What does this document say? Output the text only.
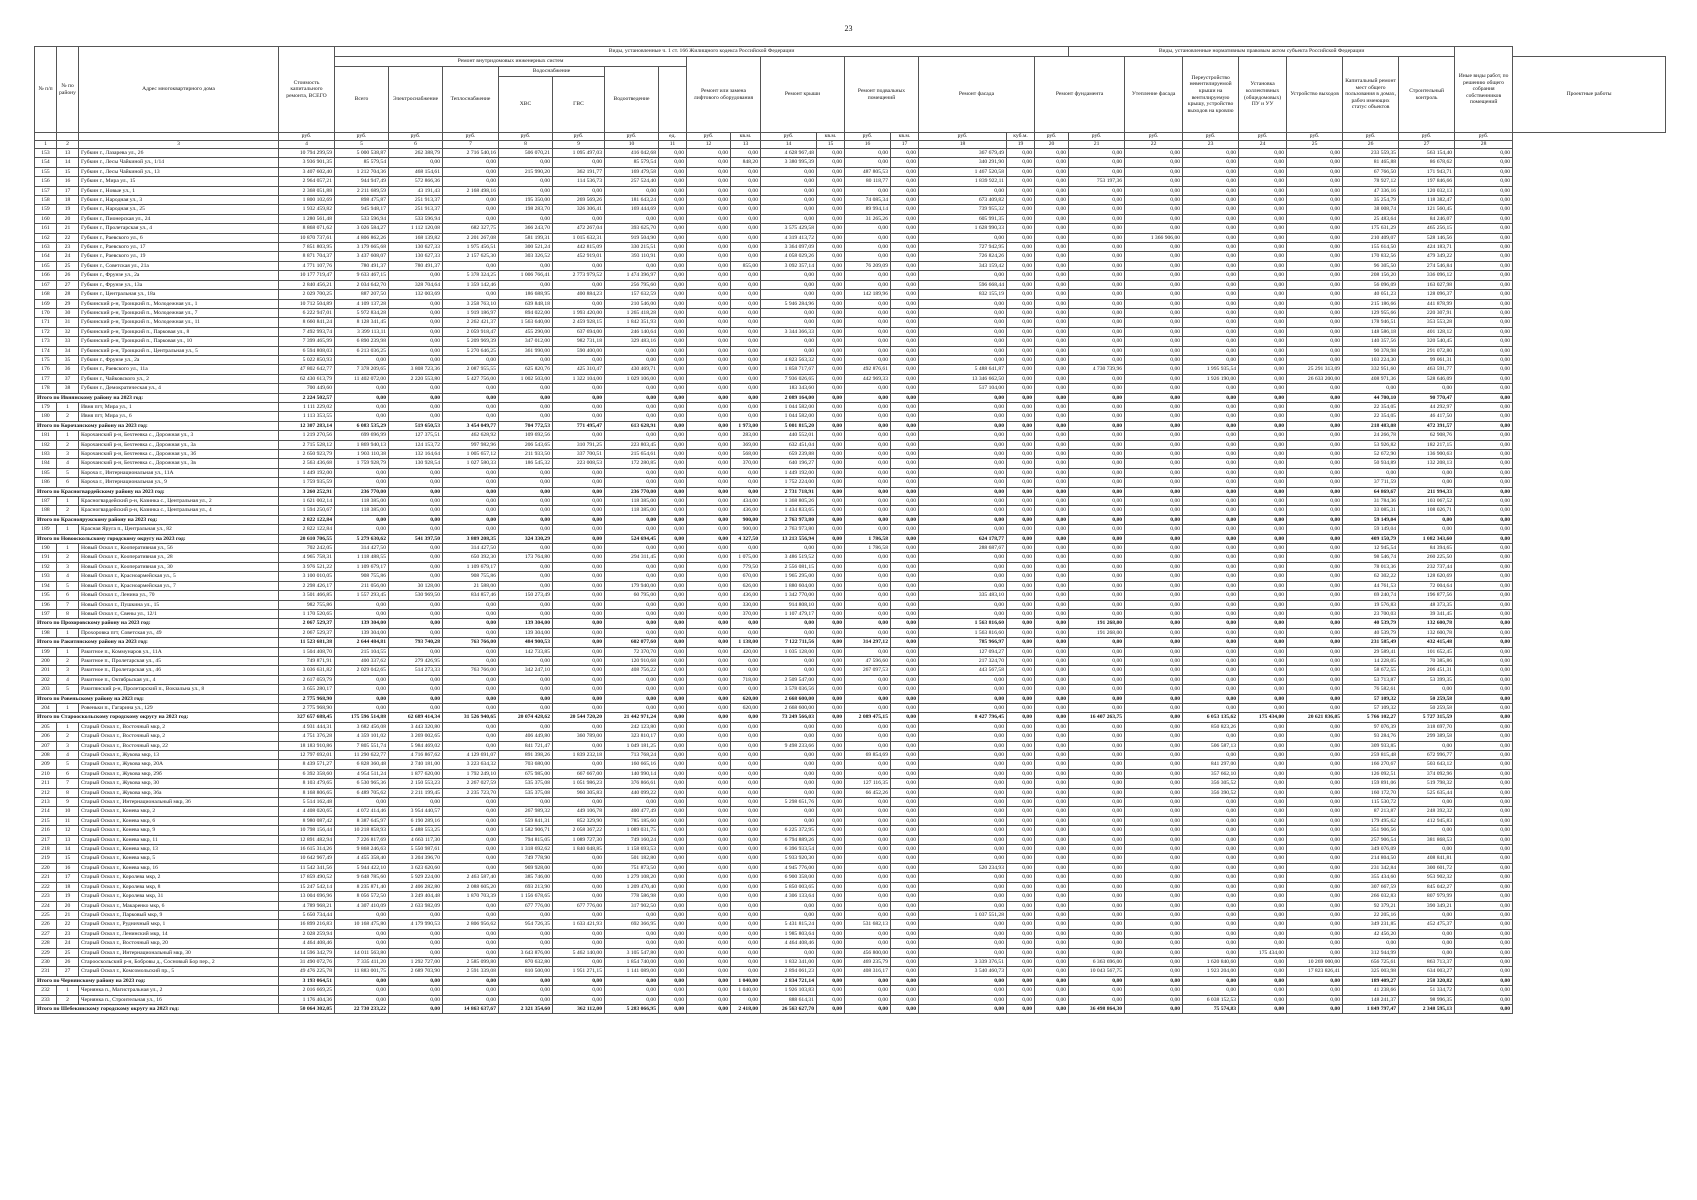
23
№ п/п	№ по району	Адрес многоквартирного дома	Стоимость капитального ремонта, ВСЕГО	Виды, установленные ч. 1 ст. 166 Жилищного кодекса Российской Федерации																Виды, установленные нормативным правовым актом субъекта Российской Федерации							Иные виды работ, по решению общего собрания собственников помещений	
				Ремонт внутридомовых инженерных систем							Ремонт или замена лифтового оборудования		Ремонт крыши		Ремонт подвальных помещений		Ремонт фасада		Ремонт фундамента		Утепление фасада	Переустройство невентилируемой крыши на вентилируемую крышу, устройство выходов на кровлю	Установка коллективных (общедомовых) ПУ и УУ	Устройство выходов	Капитальный ремонт мест общего пользования в домах, рабоч имеющих статус объектов	Строительный контроль		Проектные работы
				Всего	Электроснабжение	Теплоснабжение	Водоснабжение		Водоотведение																			
							ХВС	ГВС																				
			руб.	руб.	руб.	руб.	руб.	руб.	руб.	ед.	руб.	кв.м.	руб.	кв.м.	руб.	кв.м.	руб.	куб.м.	руб.	руб.	руб.	руб.	руб.	руб.	руб.	руб.	руб.	
1	2	3	4	5	6	7	8	9	10	11	12	13	14	15	16	17	18	19	20	21	22	23	24	25	26	27	28	
153	13	Губкин г., Лазарева ул., 26	10 794 299,59	5 000 538,87	262 388,79	2 716 540,16	506 070,21	1 095 497,03	416 042,68	0,00	0,00	0,00	4 628 967,48	0,00	0,00	0,00	367 679,49	0,00	0,00	0,00	0,00	0,00	0,00	0,00	233 559,35	563 154,40	0,00	
154	14	Губкин г., Лесы Чайкиной ул., 1/14	3 936 901,35	85 579,54	0,00	0,00	0,00	0,00	85 579,54	0,00	0,00	848,20	3 380 995,39	0,00	0,00	0,00	340 291,90	0,00	0,00	0,00	0,00	0,00	0,00	0,00	81 465,88	86 678,62	0,00	
155	15	Губкин г., Лесы Чайкиной ул., 13	3 407 602,40	1 212 704,36	468 154,61	0,00	215 990,20	362 191,77	169 479,58	0,00	0,00	0,00	0,00	0,00	487 805,53	0,00	1 467 520,58	0,00	0,00	0,00	0,00	0,00	0,00	0,00	67 766,50	171 943,71	0,00	
156	16	Губкин г., Мира ул., 15	2 964 057,21	944 947,49	572 866,36	0,00	0,00	114 536,73	257 524,40	0,00	0,00	0,00	0,00	0,00	80 118,77	0,00	1 839 922,11	0,00	0,00	753 197,36	0,00	0,00	0,00	0,00	78 927,12	197 846,66	0,00	
157	17	Губкин г., Новые ул., 1	2 368 051,88	2 211 689,59	43 191,43	2 168 498,16	0,00	0,00	0,00	0,00	0,00	0,00	0,00	0,00	0,00	0,00	0,00	0,00	0,00	0,00	0,00	0,00	0,00	0,00	47 336,16	120 032,13	0,00	
158	18	Губкин г., Народная ул., 3	1 800 102,69	898 475,87	251 913,37	0,00	195 350,00	269 569,26	181 643,24	0,00	0,00	0,00	0,00	0,00	74 085,34	0,00	673 409,82	0,00	0,00	0,00	0,00	0,00	0,00	0,00	35 254,79	118 382,47	0,00	
159	19	Губкин г., Народная ул., 25	1 932 459,82	945 948,17	251 913,37	0,00	198 283,70	326 306,41	169 444,69	0,00	0,00	0,00	0,00	0,00	89 994,14	0,00	739 955,32	0,00	0,00	0,00	0,00	0,00	0,00	0,00	38 008,74	121 560,45	0,00	
160	20	Губкин г., Пионерская ул., 24	1 280 561,48	533 596,94	533 596,94	0,00	0,00	0,00	0,00	0,00	0,00	0,00	0,00	0,00	31 265,26	0,00	605 991,35	0,00	0,00	0,00	0,00	0,00	0,00	0,00	25 483,64	84 246,07	0,00	
161	21	Губкин г., Пролетарская ул., 4	8 868 071,62	3 026 584,27	1 112 120,08	682 327,75	366 243,70	472 267,04	393 625,70	0,00	0,00	0,00	3 575 429,58	0,00	0,00	0,00	1 628 990,33	0,00	0,00	0,00	0,00	0,00	0,00	0,00	175 631,29	465 256,15	0,00	
162	22	Губкин г., Раевского ул., 6	10 870 737,61	4 806 862,26	168 139,82	2 201 267,08	581 199,31	1 015 632,31	919 504,90	0,00	0,00	0,00	4 319 413,72	0,00	0,00	0,00	0,00	0,00	0,00	0,00	1 366 906,00	0,00	0,00	0,00	210 409,07	528 146,56	0,00	
163	23	Губкин г., Раевского ул., 17	7 851 803,95	3 179 665,68	130 627,33	1 975 456,51	300 521,24	442 815,09	330 215,51	0,00	0,00	0,00	3 364 097,09	0,00	0,00	0,00	727 942,95	0,00	0,00	0,00	0,00	0,00	0,00	0,00	155 614,50	424 183,71	0,00	
164	24	Губкин г., Раевского ул., 19	8 871 704,37	3 437 608,07	130 627,33	2 157 625,30	303 326,52	452 919,01	393 110,91	0,00	0,00	0,00	4 058 029,26	0,00	0,00	0,00	726 824,26	0,00	0,00	0,00	0,00	0,00	0,00	0,00	170 832,56	479 349,22	0,00	
165	25	Губкин г., Советская ул., 21а	4 771 107,76	780 491,37	780 491,37	0,00	0,00	0,00	0,00	0,00	0,00	855,00	3 092 357,14	0,00	76 209,09	0,00	343 159,42	0,00	0,00	0,00	0,00	0,00	0,00	0,00	96 305,50	274 546,84	0,00	
166	26	Губкин г., Фрунзе ул., 2а	10 177 719,47	9 633 467,15	0,00	5 378 324,25	1 006 766,41	2 773 979,52	1 474 396,97	0,00	0,00	0,00	0,00	0,00	0,00	0,00	0,00	0,00	0,00	0,00	0,00	0,00	0,00	0,00	208 156,20	336 096,12	0,00	
167	27	Губкин г., Фрунзе ул., 13а	2 840 456,21	2 034 642,70	328 704,64	1 359 142,46	0,00	0,00	256 795,60	0,00	0,00	0,00	0,00	0,00	0,00	0,00	596 668,44	0,00	0,00	0,00	0,00	0,00	0,00	0,00	56 096,09	163 027,98	0,00	
168	28	Губкин г., Центральная ул., 18а	2 029 700,25	887 207,50	132 003,69	0,00	186 688,95	400 884,23	157 632,59	0,00	0,00	0,00	0,00	0,00	142 189,96	0,00	832 155,19	0,00	0,00	0,00	0,00	0,00	0,00	0,00	40 051,23	128 096,37	0,00	
169	29	Губкинский р-н, Троицкий п., Молодежная ул., 1	10 712 504,89	4 109 137,28	0,00	3 258 763,10	639 848,18	0,00	210 546,00	0,00	0,00	0,00	5 946 284,96	0,00	0,00	0,00	0,00	0,00	0,00	0,00	0,00	0,00	0,00	0,00	215 186,66	441 878,99	0,00	
170	30	Губкинский р-н, Троицкий п., Молодежная ул., 7	6 222 947,01	5 972 834,28	0,00	1 919 186,97	894 022,00	1 993 420,00	1 265 418,28	0,00	0,00	0,00	0,00	0,00	0,00	0,00	0,00	0,00	0,00	0,00	0,00	0,00	0,00	0,00	129 955,66	220 307,91	0,00	
171	31	Губкинский р-н, Троицкий п., Молодежная ул., 11	8 660 841,24	8 128 341,45	0,00	2 262 421,37	1 563 640,00	2 459 928,15	1 842 351,93	0,00	0,00	0,00	0,00	0,00	0,00	0,00	0,00	0,00	0,00	0,00	0,00	0,00	0,00	0,00	178 946,51	353 553,28	0,00	
172	32	Губкинский р-н, Троицкий п., Парковая ул., 8	7 492 993,74	3 399 113,11	0,00	2 059 918,47	455 290,00	637 694,00	246 140,64	0,00	0,00	0,00	3 344 366,33	0,00	0,00	0,00	0,00	0,00	0,00	0,00	0,00	0,00	0,00	0,00	148 586,18	401 128,12	0,00	
173	33	Губкинский р-н, Троицкий п., Парковая ул., 10	7 399 465,99	6 890 239,98	0,00	5 209 969,39	347 012,00	982 731,18	329 483,16	0,00	0,00	0,00	0,00	0,00	0,00	0,00	0,00	0,00	0,00	0,00	0,00	0,00	0,00	0,00	140 357,56	320 540,45	0,00	
174	34	Губкинский р-н, Троицкий п., Центральная ул., 5	6 594 808,03	6 213 036,25	0,00	5 270 646,25	361 990,00	590 400,00	0,00	0,00	0,00	0,00	0,00	0,00	0,00	0,00	0,00	0,00	0,00	0,00	0,00	0,00	0,00	0,00	90 378,98	291 072,80	0,00	
175	35	Губкин г., Фрунзе ул., 2а	5 022 850,93	0,00	0,00	0,00	0,00	0,00	0,00	0,00	0,00	0,00	4 823 563,32	0,00	0,00	0,00	0,00	0,00	0,00	0,00	0,00	0,00	0,00	0,00	103 224,30	99 061,31	0,00	
176	36	Губкин г., Раевского ул., 11а	47 802 642,77	7 378 209,65	3 808 723,36	2 087 955,55	625 820,76	425 310,47	430 469,71	0,00	0,00	0,00	1 858 717,67	0,00	492 876,61	0,00	5 488 641,87	0,00	0,00	4 730 739,96	0,00	1 995 935,54	0,00	25 291 313,09	332 951,60	463 591,77	0,00	
177	37	Губкин г., Чайковского ул., 2	62 430 613,79	11 402 072,00	2 220 553,80	5 427 756,00	1 002 503,00	1 322 104,00	1 029 106,00	0,00	0,00	0,00	7 936 026,65	0,00	442 969,33	0,00	13 346 662,50	0,00	0,00	0,00	0,00	1 926 190,00	0,00	26 633 200,00	408 971,36	528 646,09	0,00	
178	38	Губкин г., Демократическая ул., 4	700 449,60	0,00	0,00	0,00	0,00	0,00	0,00	0,00	0,00	0,00	183 343,60	0,00	0,00	0,00	517 104,00	0,00	0,00	0,00	0,00	0,00	0,00	0,00	0,00	0,00	0,00	
Итого по Ивнянскому району на 2023 год:			2 224 502,57	0,00	0,00	0,00	0,00	0,00	0,00	0,00	0,00	0,00	2 089 164,00	0,00	0,00	0,00	0,00	0,00	0,00	0,00	0,00	0,00	0,00	0,00	44 700,10	90 770,47	0,00	
179	1	Ивня пгт, Мира ул., 1	1 111 229,02	0,00	0,00	0,00	0,00	0,00	0,00	0,00	0,00	0,00	1 044 582,00	0,00	0,00	0,00	0,00	0,00	0,00	0,00	0,00	0,00	0,00	0,00	22 354,05	44 292,97	0,00	
180	2	Ивня пгт, Мира ул., 6	1 113 353,55	0,00	0,00	0,00	0,00	0,00	0,00	0,00	0,00	0,00	1 044 582,00	0,00	0,00	0,00	0,00	0,00	0,00	0,00	0,00	0,00	0,00	0,00	22 354,05	46 417,50	0,00	
Итого по Корочанскому району на 2023 год:			12 307 283,14	6 083 535,29	519 650,53	3 454 049,77	704 772,53	771 495,47	613 628,91	0,00	0,00	1 973,00	5 001 815,20	0,00	0,00	0,00	0,00	0,00	0,00	0,00	0,00	0,00	0,00	0,00	218 483,08	472 391,57	0,00	
181	1	Корочанский р-н, Бехтеевка с., Дорожная ул., 3	1 219 270,56	699 696,99	127 375,51	462 628,92	109 692,56	0,00	0,00	0,00	0,00	283,00	440 552,01	0,00	0,00	0,00	0,00	0,00	0,00	0,00	0,00	0,00	0,00	0,00	24 266,78	62 908,76	0,00	
182	2	Корочанский р-н, Бехтеевка с., Дорожная ул., 3а	2 715 528,12	1 869 940,13	124 153,72	997 982,96	206 543,65	310 791,25	223 803,45	0,00	0,00	369,00	632 451,04	0,00	0,00	0,00	0,00	0,00	0,00	0,00	0,00	0,00	0,00	0,00	53 926,82	182 217,15	0,00	
183	3	Корочанский р-н, Бехтеевка с., Дорожная ул., 3б	2 650 923,79	1 903 110,38	132 164,64	1 005 657,12	211 933,50	337 700,51	215 654,61	0,00	0,00	568,00	659 239,88	0,00	0,00	0,00	0,00	0,00	0,00	0,00	0,00	0,00	0,00	0,00	52 672,90	136 900,63	0,00	
184	4	Корочанский р-н, Бехтеевка с., Дорожная ул., 3в	2 563 436,68	1 759 928,79	130 928,54	1 027 580,33	186 545,32	223 008,53	172 280,85	0,00	0,00	370,00	640 196,27	0,00	0,00	0,00	0,00	0,00	0,00	0,00	0,00	0,00	0,00	0,00	50 934,89	132 208,13	0,00	
185	5	Короча г., Интернациональная ул., 11А	1 449 192,00	0,00	0,00	0,00	0,00	0,00	0,00	0,00	0,00	0,00	1 449 192,00	0,00	0,00	0,00	0,00	0,00	0,00	0,00	0,00	0,00	0,00	0,00	0,00	0,00	0,00	
186	6	Короча г., Интернациональная ул., 9	1 759 935,59	0,00	0,00	0,00	0,00	0,00	0,00	0,00	0,00	0,00	1 752 224,00	0,00	0,00	0,00	0,00	0,00	0,00	0,00	0,00	0,00	0,00	0,00	37 711,59	0,00	0,00	
Итого по Красногвардейскому району на 2023 год:			3 260 252,91	236 770,00	0,00	0,00	0,00	0,00	236 770,00	0,00	0,00	0,00	2 731 718,91	0,00	0,00	0,00	0,00	0,00	0,00	0,00	0,00	0,00	0,00	0,00	64 869,67	211 994,33	0,00	
187	1	Красногвардейский р-н, Казинка с., Центральная ул., 2	1 621 002,14	118 385,00	0,00	0,00	0,00	0,00	118 385,00	0,00	0,00	434,00	1 368 805,26	0,00	0,00	0,00	0,00	0,00	0,00	0,00	0,00	0,00	0,00	0,00	31 784,36	103 067,52	0,00	
188	2	Красногвардейский р-н, Казинка с., Центральная ул., 4	1 594 250,67	118 385,00	0,00	0,00	0,00	0,00	118 385,00	0,00	0,00	436,00	1 434 833,65	0,00	0,00	0,00	0,00	0,00	0,00	0,00	0,00	0,00	0,00	0,00	33 085,31	108 026,71	0,00	
Итого по Краснояружскому району на 2023 год:			2 822 122,84	0,00	0,00	0,00	0,00	0,00	0,00	0,00	0,00	900,00	2 763 973,80	0,00	0,00	0,00	0,00	0,00	0,00	0,00	0,00	0,00	0,00	0,00	59 149,04	0,00	0,00	
189	1	Красная Яруга п., Центральная ул., 82	2 822 122,84	0,00	0,00	0,00	0,00	0,00	0,00	0,00	0,00	900,00	2 763 973,80	0,00	0,00	0,00	0,00	0,00	0,00	0,00	0,00	0,00	0,00	0,00	59 149,04	0,00	0,00	
Итого по Новооскольскому городскому округу на 2023 год:			20 610 706,55	5 279 630,62	541 397,50	3 809 208,35	324 330,29	0,00	524 694,45	0,00	0,00	4 327,50	13 213 556,94	0,00	1 786,58	0,00	624 178,77	0,00	0,00	0,00	0,00	0,00	0,00	0,00	409 150,79	1 082 343,60	0,00	
190	1	Новый Оскол г., Кооперативная ул., 56	702 242,05	314 427,50	0,00	314 427,50	0,00	0,00	0,00	0,00	0,00	0,00	0,00	0,00	1 786,58	0,00	288 687,67	0,00	0,00	0,00	0,00	0,00	0,00	0,00	12 945,54	84 394,65	0,00	
191	2	Новый Оскол г., Кооперативная ул., 28	4 965 758,31	1 118 488,55	0,00	650 392,30	173 764,80	0,00	294 311,45	0,00	0,00	1 075,00	3 486 519,52	0,00	0,00	0,00	0,00	0,00	0,00	0,00	0,00	0,00	0,00	0,00	98 546,74	260 225,50	0,00	
192	3	Новый Оскол г., Кооперативная ул., 30	3 976 521,22	1 109 679,17	0,00	1 109 679,17	0,00	0,00	0,00	0,00	0,00	779,50	2 556 081,15	0,00	0,00	0,00	0,00	0,00	0,00	0,00	0,00	0,00	0,00	0,00	78 013,36	232 737,44	0,00	
193	4	Новый Оскол г., Красноармейская ул., 5	3 100 010,05	908 755,86	0,00	908 755,86	0,00	0,00	0,00	0,00	0,00	670,00	1 965 295,00	0,00	0,00	0,00	0,00	0,00	0,00	0,00	0,00	0,00	0,00	0,00	62 302,22	128 620,69	0,00	
194	5	Новый Оскол г., Красноармейская ул., 7	2 298 426,17	211 056,00	30 128,00	21 588,00	0,00	0,00	179 940,00	0,00	0,00	626,00	1 880 604,00	0,00	0,00	0,00	0,00	0,00	0,00	0,00	0,00	0,00	0,00	0,00	44 761,53	72 004,64	0,00	
195	6	Новый Оскол г., Ленина ул., 70	3 501 466,85	1 557 293,45	530 969,50	834 857,46	150 273,49	0,00	60 795,00	0,00	0,00	436,00	1 342 770,00	0,00	0,00	0,00	335 483,10	0,00	0,00	0,00	0,00	0,00	0,00	0,00	69 240,74	196 877,56	0,00	
196	7	Новый Оскол г., Пушкина ул., 15	982 755,86	0,00	0,00	0,00	0,00	0,00	0,00	0,00	0,00	330,00	914 808,10	0,00	0,00	0,00	0,00	0,00	0,00	0,00	0,00	0,00	0,00	0,00	19 576,83	48 373,35	0,00	
197	8	Новый Оскол г., Свены ул., 12/1	1 170 520,65	0,00	0,00	0,00	0,00	0,00	0,00	0,00	0,00	370,00	1 107 479,17	0,00	0,00	0,00	0,00	0,00	0,00	0,00	0,00	0,00	0,00	0,00	23 700,03	39 341,45	0,00	
Итого по Прохоровскому району на 2023 год:			2 067 529,37	139 304,00	0,00	0,00	139 304,00	0,00	0,00	0,00	0,00	0,00	0,00	0,00	0,00	0,00	1 563 816,60	0,00	0,00	191 268,00	0,00	0,00	0,00	0,00	40 539,79	132 600,78	0,00	
198	1	Прохоровка пгт, Советская ул., 49	2 067 529,37	139 304,00	0,00	0,00	139 304,00	0,00	0,00	0,00	0,00	0,00	0,00	0,00	0,00	0,00	1 563 816,60	0,00	0,00	191 268,00	0,00	0,00	0,00	0,00	40 539,79	132 600,78	0,00	
Итого по Ракитянскому району на 2023 год:			11 523 681,38	2 644 484,81	793 740,28	763 766,00	484 900,53	0,00	602 077,60	0,00	0,00	1 138,00	7 122 711,56	0,00	314 297,12	0,00	785 966,97	0,00	0,00	0,00	0,00	0,00	0,00	0,00	231 585,49	432 415,48	0,00	
199	1	Ракитное п., Коммунаров ул., 11А	1 504 408,70	215 104,55	0,00	0,00	142 733,85	0,00	72 370,70	0,00	0,00	420,00	1 035 128,00	0,00	0,00	0,00	127 094,27	0,00	0,00	0,00	0,00	0,00	0,00	0,00	29 589,41	101 652,45	0,00	
200	2	Ракитное п., Пролетарская ул., 45	749 871,91	400 337,62	279 426,95	0,00	0,00	0,00	120 910,68	0,00	0,00	0,00	0,00	0,00	47 596,60	0,00	217 324,70	0,00	0,00	0,00	0,00	0,00	0,00	0,00	14 228,05	70 385,86	0,00	
201	3	Ракитное п., Пролетарская ул., 46	3 036 631,82	2 029 042,65	514 273,33	763 766,00	342 247,10	0,00	408 756,22	0,00	0,00	0,00	0,00	0,00	267 097,53	0,00	443 567,58	0,00	0,00	0,00	0,00	0,00	0,00	0,00	58 672,55	206 451,31	0,00	
202	4	Ракитное п., Октябрьская ул., 4	2 617 059,79	0,00	0,00	0,00	0,00	0,00	0,00	0,00	0,00	718,00	2 509 547,00	0,00	0,00	0,00	0,00	0,00	0,00	0,00	0,00	0,00	0,00	0,00	53 713,87	53 399,35	0,00	
203	5	Ракитянский р-н, Пролетарский п., Вокзальна ул., 8	3 655 280,17	0,00	0,00	0,00	0,00	0,00	0,00	0,00	0,00	0,00	3 578 036,56	0,00	0,00	0,00	0,00	0,00	0,00	0,00	0,00	0,00	0,00	0,00	76 582,61	0,00	0,00	
Итого по Ровеньскому району на 2023 год:			2 775 968,90	0,00	0,00	0,00	0,00	0,00	0,00	0,00	0,00	620,00	2 668 600,00	0,00	0,00	0,00	0,00	0,00	0,00	0,00	0,00	0,00	0,00	0,00	57 109,32	50 259,58	0,00	
204	1	Ровеньки п., Гагарина ул., 129	2 775 968,90	0,00	0,00	0,00	0,00	0,00	0,00	0,00	0,00	620,00	2 668 600,00	0,00	0,00	0,00	0,00	0,00	0,00	0,00	0,00	0,00	0,00	0,00	57 109,32	50 259,58	0,00	
Итого по Старооскольскому городскому округу на 2023 год:			327 657 688,45	175 596 514,88	62 689 414,34	31 526 940,65	20 074 428,62	20 544 720,20	21 442 971,24	0,00	0,00	0,00	73 249 566,03	0,00	2 089 475,15	0,00	8 427 796,45	0,00	0,00	16 407 263,75	0,00	6 053 135,62	175 434,00	20 621 836,05	5 766 102,27	5 727 315,59	0,00	
205	1	Старый Оскол г., Восточный мкр, 2	4 931 444,31	3 682 456,08	3 443 320,80	0,00	0,00	0,00	242 123,80	0,00	0,00	0,00	0,00	0,00	0,00	0,00	0,00	0,00	0,00	0,00	0,00	850 823,26	0,00	0,00	97 076,39	318 697,70	0,00	
206	2	Старый Оскол г., Восточный мкр, 2	4 751 376,28	4 359 101,02	3 269 002,65	0,00	406 449,80	360 789,00	323 810,17	0,00	0,00	0,00	0,00	0,00	0,00	0,00	0,00	0,00	0,00	0,00	0,00	0,00	0,00	0,00	93 284,76	299 389,58	0,00	
207	3	Старый Оскол г., Восточный мкр, 22	18 183 910,86	7 805 551,74	5 984 469,02	0,00	841 721,47	0,00	1 049 181,25	0,00	0,00	0,00	9 498 233,66	0,00	0,00	0,00	0,00	0,00	0,00	0,00	0,00	506 587,13	0,00	0,00	309 933,85	0,00	0,00	
208	4	Старый Оскол г., Жукова мкр, 13	12 797 692,01	11 290 622,77	4 716 867,62	4 129 691,07	891 398,26	1 839 232,18	713 768,24	0,00	0,00	0,00	0,00	0,00	69 854,69	0,00	0,00	0,00	0,00	0,00	0,00	0,00	0,00	0,00	259 815,48	672 996,77	0,00	
209	5	Старый Оскол г., Жукова мкр, 20А	8 439 571,27	6 828 360,48	2 740 181,00	3 223 634,32	703 680,00	0,00	160 665,16	0,00	0,00	0,00	0,00	0,00	0,00	0,00	0,00	0,00	0,00	0,00	0,00	841 297,00	0,00	0,00	166 270,67	503 643,12	0,00	
210	6	Старый Оскол г., Жукова мкр, 29б	6 392 358,60	4 954 511,24	1 877 620,00	1 792 249,10	675 985,00	667 667,00	140 990,14	0,00	0,00	0,00	0,00	0,00	0,00	0,00	0,00	0,00	0,00	0,00	0,00	357 662,10	0,00	0,00	126 092,51	374 092,96	0,00	
211	7	Старый Оскол г., Жукова мкр, 30	8 103 479,65	6 530 965,36	2 150 553,23	2 267 027,59	535 375,08	1 051 986,23	376 866,61	0,00	0,00	0,00	0,00	0,00	127 116,35	0,00	0,00	0,00	0,00	0,00	0,00	356 305,52	0,00	0,00	159 891,06	519 798,32	0,00	
212	8	Старый Оскол г., Жукова мкр, 36а	8 168 806,65	6 489 705,62	2 211 199,45	2 235 723,70	535 375,08	960 305,83	440 099,22	0,00	0,00	0,00	0,00	0,00	66 452,26	0,00	0,00	0,00	0,00	0,00	0,00	356 390,52	0,00	0,00	160 172,70	525 635,44	0,00	
213	9	Старый Оскол г., Интернациональный мкр, 36	5 514 162,48	0,00	0,00	0,00	0,00	0,00	0,00	0,00	0,00	0,00	5 298 651,76	0,00	0,00	0,00	0,00	0,00	0,00	0,00	0,00	0,00	0,00	0,00	115 530,72	0,00	0,00	
214	10	Старый Оскол г., Конева мкр, 2	4 408 020,65	4 072 414,46	3 954 440,57	0,00	267 989,32	449 106,78	400 477,49	0,00	0,00	0,00	0,00	0,00	0,00	0,00	0,00	0,00	0,00	0,00	0,00	0,00	0,00	0,00	87 213,87	248 392,32	0,00	
215	11	Старый Оскол г., Конева мкр, 6	8 980 087,42	8 387 645,97	6 190 289,16	0,00	559 841,31	852 329,90	785 185,60	0,00	0,00	0,00	0,00	0,00	0,00	0,00	0,00	0,00	0,00	0,00	0,00	0,00	0,00	0,00	179 495,62	412 945,83	0,00	
216	12	Старый Оскол г., Конева мкр, 9	10 798 156,44	10 218 858,93	5 488 553,25	0,00	1 582 906,71	2 058 367,22	1 089 031,75	0,00	0,00	0,00	6 225 372,95	0,00	0,00	0,00	0,00	0,00	0,00	0,00	0,00	0,00	0,00	0,00	351 906,56	0,00	0,00	
217	13	Старый Оскол г., Конева мкр, 11	12 891 482,94	7 226 817,69	4 663 117,30	0,00	794 815,05	1 089 727,30	749 160,24	0,00	0,00	0,00	6 794 889,26	0,00	0,00	0,00	0,00	0,00	0,00	0,00	0,00	0,00	0,00	0,00	257 906,54	381 868,53	0,00	
218	14	Старый Оскол г., Конева мкр, 13	16 615 314,26	9 868 246,63	5 550 987,61	0,00	1 318 692,62	1 840 048,85	1 158 693,53	0,00	0,00	0,00	6 396 933,54	0,00	0,00	0,00	0,00	0,00	0,00	0,00	0,00	0,00	0,00	0,00	349 076,09	0,00	0,00	
219	15	Старый Оскол г., Конева мкр, 5	10 642 967,49	4 455 358,40	3 204 396,70	0,00	749 778,90	0,00	501 182,80	0,00	0,00	0,00	5 933 920,30	0,00	0,00	0,00	0,00	0,00	0,00	0,00	0,00	0,00	0,00	0,00	214 804,50	408 841,81	0,00	
220	16	Старый Оскол г., Конева мкр, 16	11 542 341,56	5 944 422,10	3 623 620,60	0,00	969 928,00	0,00	751 873,50	0,00	0,00	0,00	4 945 776,00	0,00	0,00	0,00	520 234,93	0,00	0,00	0,00	0,00	0,00	0,00	0,00	231 342,84	300 601,72	0,00	
221	17	Старый Оскол г., Королева мкр, 2	17 859 490,52	9 648 785,60	5 929 224,00	2 463 587,40	385 746,00	0,00	1 279 108,20	0,00	0,00	0,00	6 900 358,00	0,00	0,00	0,00	0,00	0,00	0,00	0,00	0,00	0,00	0,00	0,00	355 434,60	953 902,32	0,00	
222	18	Старый Оскол г., Королева мкр, 8	15 247 542,14	8 235 871,40	2 406 282,80	2 088 605,20	693 213,90	0,00	1 209 470,40	0,00	0,00	0,00	5 850 003,65	0,00	0,00	0,00	0,00	0,00	0,00	0,00	0,00	0,00	0,00	0,00	307 667,59	845 042,27	0,00	
223	19	Старый Оскол г., Королева мкр, 31	13 004 696,96	8 056 572,50	3 249 404,48	1 870 703,39	1 156 678,65	0,00	778 586,98	0,00	0,00	0,00	4 306 133,64	0,00	0,00	0,00	0,00	0,00	0,00	0,00	0,00	0,00	0,00	0,00	266 032,83	807 979,99	0,00	
224	20	Старый Оскол г., Макаренко мкр, 6	4 789 968,21	4 307 410,09	2 633 982,09	0,00	677 776,00	677 776,00	317 902,50	0,00	0,00	0,00	0,00	0,00	0,00	0,00	0,00	0,00	0,00	0,00	0,00	0,00	0,00	0,00	92 379,21	390 349,21	0,00	
225	21	Старый Оскол г., Парковый мкр, 9	5 650 734,44	0,00	0,00	0,00	0,00	0,00	0,00	0,00	0,00	0,00	0,00	0,00	0,00	0,00	1 037 551,28	0,00	0,00	0,00	0,00	0,00	0,00	0,00	22 205,16	0,00	0,00	
226	22	Старый Оскол г., Рудничный мкр, 1	16 899 216,83	10 168 475,80	4 179 990,53	2 806 956,62	954 726,35	1 633 421,93	692 366,95	0,00	0,00	0,00	5 431 815,24	0,00	531 682,13	0,00	0,00	0,00	0,00	0,00	0,00	0,00	0,00	0,00	349 231,85	452 475,37	0,00	
227	23	Старый Оскол г., Ленинский мкр, 14	2 028 259,94	0,00	0,00	0,00	0,00	0,00	0,00	0,00	0,00	0,00	1 985 803,64	0,00	0,00	0,00	0,00	0,00	0,00	0,00	0,00	0,00	0,00	0,00	42 456,20	0,00	0,00	
228	24	Старый Оскол г., Восточный мкр, 20	4 464 408,46	0,00	0,00	0,00	0,00	0,00	0,00	0,00	0,00	0,00	4 464 408,46	0,00	0,00	0,00	0,00	0,00	0,00	0,00	0,00	0,00	0,00	0,00	0,00	0,00	0,00	
229	25	Старый Оскол г., Интернациональный мкр, 30	14 596 342,79	14 011 563,80	0,00	0,00	3 643 876,00	5 462 140,00	3 105 547,80	0,00	0,00	0,00	0,00	0,00	456 800,00	0,00	0,00	0,00	0,00	0,00	0,00	0,00	175 434,00	0,00	312 944,99	0,00	0,00	
230	26	Старооскольский р-н, Бобровы д., Сосновый Бор пер., 2	31 490 072,76	7 335 411,20	1 292 727,00	2 585 099,80	870 632,80	0,00	1 854 740,00	0,00	0,00	0,00	1 832 341,00	0,00	469 235,79	0,00	3 339 376,51	0,00	0,00	6 363 696,00	0,00	1 620 840,60	0,00	10 269 000,00	656 725,61	863 713,37	0,00	
231	27	Старый Оскол г., Комсомольский пр., 5	49 476 225,78	11 883 001,75	2 689 703,90	2 591 339,08	810 500,00	1 951 271,15	1 141 089,00	0,00	0,00	0,00	2 894 061,23	0,00	408 316,17	0,00	3 540 460,73	0,00	0,00	10 043 567,75	0,00	1 923 204,00	0,00	17 823 826,41	325 003,98	634 003,27	0,00	
Итого по Чернянскому району на 2023 год:			3 193 064,51	0,00	0,00	0,00	0,00	0,00	0,00	0,00	0,00	1 040,00	2 834 721,14	0,00	0,00	0,00	0,00	0,00	0,00	0,00	0,00	0,00	0,00	0,00	189 409,27	258 320,82	0,00	
232	1	Чернянка п., Магистральная ул., 2	2 016 669,25	0,00	0,00	0,00	0,00	0,00	0,00	0,00	0,00	1 040,00	1 926 103,83	0,00	0,00	0,00	0,00	0,00	0,00	0,00	0,00	0,00	0,00	0,00	41 238,66	51 334,72	0,00	
233	2	Чернянка п., Строительная ул., 16	1 176 404,36	0,00	0,00	0,00	0,00	0,00	0,00	0,00	0,00	0,00	888 614,31	0,00	0,00	0,00	0,00	0,00	0,00	0,00	0,00	6 038 152,53	0,00	0,00	148 241,37	98 996,35	0,00	
Итого по Шебекинскому городскому округу на 2023 год:			50 064 302,05	22 730 233,22	0,00	14 863 637,67	2 321 354,60	362 112,00	5 283 066,95	0,00	0,00	2 418,00	26 563 627,70	0,00	0,00	0,00	0,00	0,00	0,00	36 498 864,30	0,00	75 574,83	0,00	0,00	1 849 797,47	2 348 595,13	0,00	
